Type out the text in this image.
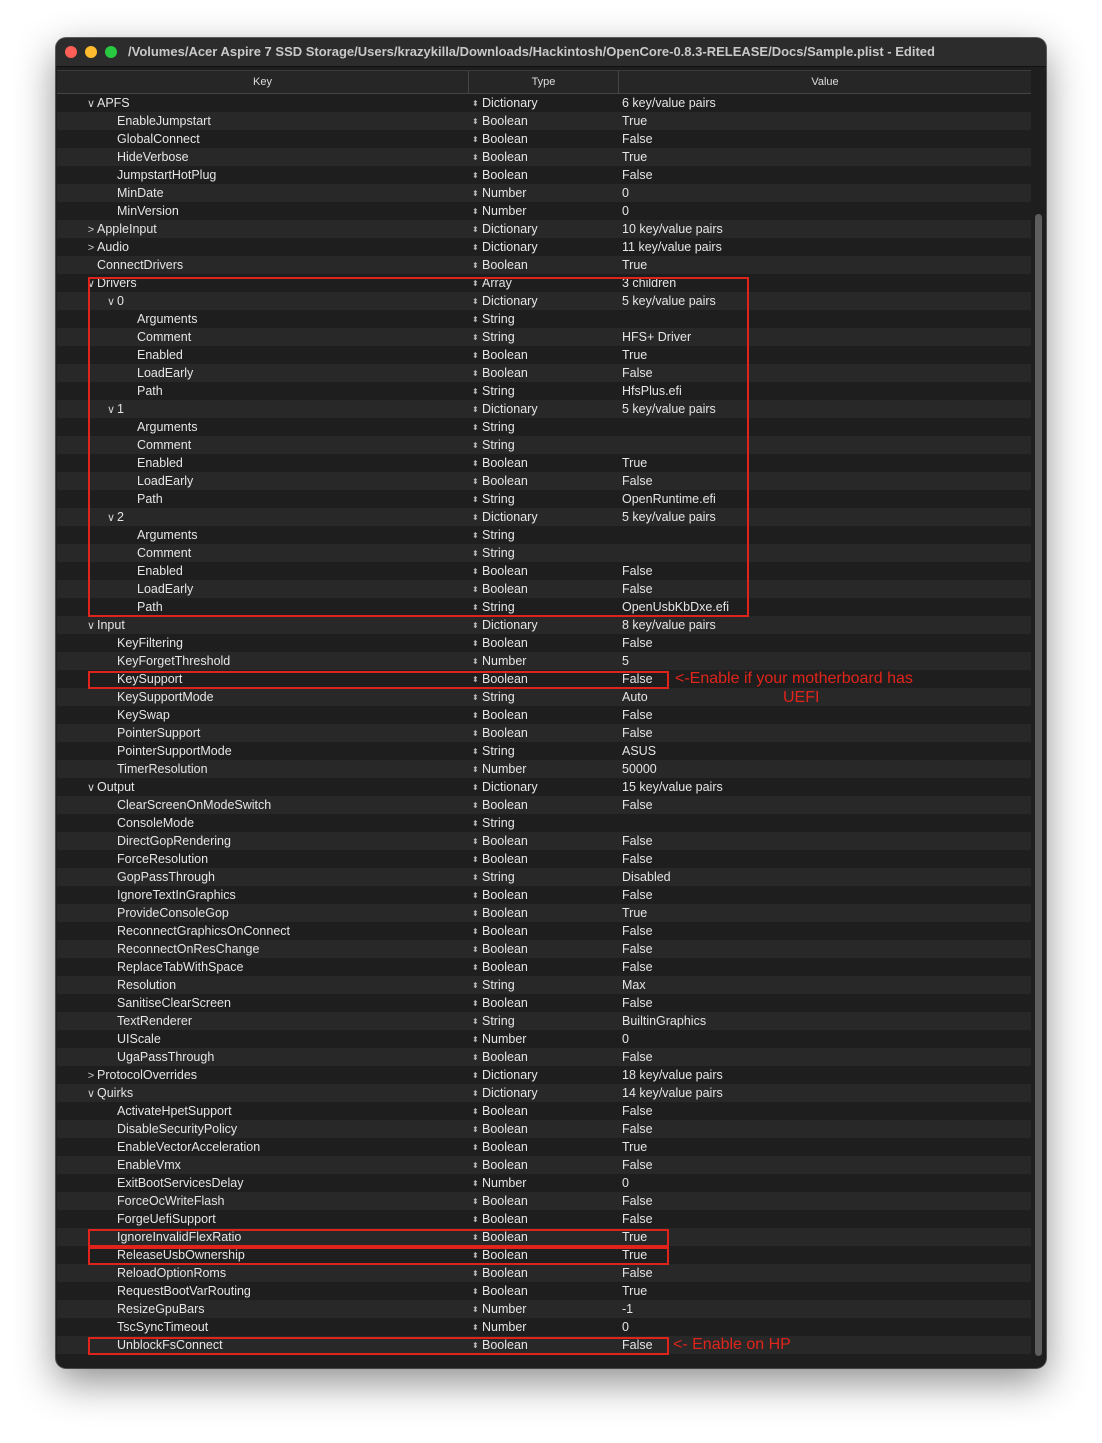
/Volumes/Acer Aspire 7 SSD Storage/Users/krazykilla/Downloads/Hackintosh/OpenCore-0.8.3-RELEASE/Docs/Sample.plist - Edited
Key	Type	Value
∨ APFS	⬍ Dictionary	6 key/value pairs
EnableJumpstart	⬍ Boolean	True
GlobalConnect	⬍ Boolean	False
HideVerbose	⬍ Boolean	True
JumpstartHotPlug	⬍ Boolean	False
MinDate	⬍ Number	0
MinVersion	⬍ Number	0
> AppleInput	⬍ Dictionary	10 key/value pairs
> Audio	⬍ Dictionary	11 key/value pairs
ConnectDrivers	⬍ Boolean	True
∨ Drivers	⬍ Array	3 children
∨ 0	⬍ Dictionary	5 key/value pairs
Arguments	⬍ String
Comment	⬍ String	HFS+ Driver
Enabled	⬍ Boolean	True
LoadEarly	⬍ Boolean	False
Path	⬍ String	HfsPlus.efi
∨ 1	⬍ Dictionary	5 key/value pairs
Arguments	⬍ String
Comment	⬍ String
Enabled	⬍ Boolean	True
LoadEarly	⬍ Boolean	False
Path	⬍ String	OpenRuntime.efi
∨ 2	⬍ Dictionary	5 key/value pairs
Arguments	⬍ String
Comment	⬍ String
Enabled	⬍ Boolean	False
LoadEarly	⬍ Boolean	False
Path	⬍ String	OpenUsbKbDxe.efi
∨ Input	⬍ Dictionary	8 key/value pairs
KeyFiltering	⬍ Boolean	False
KeyForgetThreshold	⬍ Number	5
KeySupport	⬍ Boolean	False
KeySupportMode	⬍ String	Auto
KeySwap	⬍ Boolean	False
PointerSupport	⬍ Boolean	False
PointerSupportMode	⬍ String	ASUS
TimerResolution	⬍ Number	50000
∨ Output	⬍ Dictionary	15 key/value pairs
ClearScreenOnModeSwitch	⬍ Boolean	False
ConsoleMode	⬍ String
DirectGopRendering	⬍ Boolean	False
ForceResolution	⬍ Boolean	False
GopPassThrough	⬍ String	Disabled
IgnoreTextInGraphics	⬍ Boolean	False
ProvideConsoleGop	⬍ Boolean	True
ReconnectGraphicsOnConnect	⬍ Boolean	False
ReconnectOnResChange	⬍ Boolean	False
ReplaceTabWithSpace	⬍ Boolean	False
Resolution	⬍ String	Max
SanitiseClearScreen	⬍ Boolean	False
TextRenderer	⬍ String	BuiltinGraphics
UIScale	⬍ Number	0
UgaPassThrough	⬍ Boolean	False
> ProtocolOverrides	⬍ Dictionary	18 key/value pairs
∨ Quirks	⬍ Dictionary	14 key/value pairs
ActivateHpetSupport	⬍ Boolean	False
DisableSecurityPolicy	⬍ Boolean	False
EnableVectorAcceleration	⬍ Boolean	True
EnableVmx	⬍ Boolean	False
ExitBootServicesDelay	⬍ Number	0
ForceOcWriteFlash	⬍ Boolean	False
ForgeUefiSupport	⬍ Boolean	False
IgnoreInvalidFlexRatio	⬍ Boolean	True
ReleaseUsbOwnership	⬍ Boolean	True
ReloadOptionRoms	⬍ Boolean	False
RequestBootVarRouting	⬍ Boolean	True
ResizeGpuBars	⬍ Number	-1
TscSyncTimeout	⬍ Number	0
UnblockFsConnect	⬍ Boolean	False
<-Enable if your motherboard has
UEFI
<- Enable on HP
